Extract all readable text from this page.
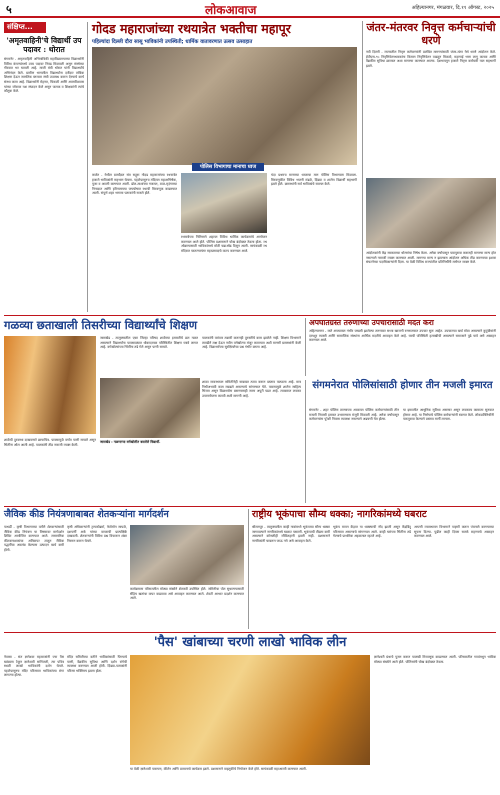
५	लोकआवाज	अहिल्यानगर, मंगळवार, दि.११ ऑगस्ट, २०२५
संक्षिप्त...
'अमृतवाहिनी'चे विद्यार्थी उप पदावर : थोरात
संगमनेर - अमृतवाहिनी अभियांत्रिकी महाविद्यालयाच्या विद्यार्थ्यांनी विविध कंपन्यांमध्ये उच्च पदावर निवड मिळवली असून संस्थेच्या गौरवात भर घातली आहे. माजी मंत्री थोरात यांनी विद्यार्थ्यांचे अभिनंदन केले. ग्रामीण भागातील विद्यार्थ्यांना दर्जेदार तांत्रिक शिक्षण देऊन जागतिक स्तरावर संधी उपलब्ध करून देण्याचे कार्य संस्था करत आहे. विद्यार्थ्यांनी मेहनत, चिकाटी आणि आत्मविश्वास यांच्या जोरावर यश संपादन केले असून पालक व शिक्षकांनी त्यांचे कौतुक केले.
गोदड महाराजांच्या रथयात्रेत भक्तीचा महापूर
पहिल्यांदा दिल्ली दौरा सासू भाविकांनी उपस्थिती; धार्मिक वातावरणात उत्सव उत्साहात
पोलिस विभागाचा मानाचा ध्वज
कर्जत - येथील ग्रामदैवत संत सद्गुरू गोदड महाराजांच्या रथयात्रेत हजारो भाविकांनी सहभाग घेतला. पहाटेपासूनच मंदिरात महाअभिषेक, पूजा व आरती करण्यात आली. ढोल-ताशांच्या गजरात, टाळ-मृदंगाच्या निनादात आणि हरिनामाच्या जयघोषात रथाची मिरवणूक काढण्यात आली. संपूर्ण शहर भगव्या पताकांनी सजले होते.
रथयात्रेच्या निमित्ताने शहरात विविध धार्मिक कार्यक्रमांचे आयोजन करण्यात आले होते. पोलिस प्रशासनाने चोख बंदोबस्त ठेवला होता. रथ ओढण्यासाठी भाविकांमध्ये मोठी चढाओढ दिसून आली. सायंकाळी रथ मंदिरात परतल्यानंतर महाप्रसादाचे वाटप करण्यात आले.
यंदा प्रथमच मानाच्या ध्वजाचा मान पोलिस विभागाला मिळाला. मिरवणुकीत विविध भजनी मंडळे, दिंड्या व शालेय विद्यार्थी सहभागी झाले होते. ग्रामस्थांनी सर्व भाविकांचे स्वागत केले.
जंतर-मंतरवर निवृत्त कर्मचाऱ्यांची धरणे
नवी दिल्ली - राज्यातील निवृत्त कर्मचाऱ्यांनी प्रलंबित मागण्यांसाठी जंतर-मंतर येथे धरणे आंदोलन केले. ईपीएस-९५ निवृत्तिवेतनधारकांना किमान निवृत्तिवेतन वाढवून मिळावे, महागाई भत्ता लागू करावा आणि वैद्यकीय सुविधा द्याव्यात अशा मागण्या करण्यात आल्या. देशभरातून हजारो निवृत्त कर्मचारी यात सहभागी झाले.
आंदोलकांनी केंद्र सरकारच्या धोरणांचा निषेध केला. अनेक वर्षांपासून पाठपुरावा करूनही मागण्या मान्य होत नसल्याने नाराजी व्यक्त करण्यात आली. मागण्या मान्य न झाल्यास आंदोलन अधिक तीव्र करण्याचा इशारा संघटनेच्या पदाधिकाऱ्यांनी दिला. या वेळी विविध राज्यांतील प्रतिनिधींनी मनोगत व्यक्त केले.
गळव्या छताखाली तिसरीच्या विद्यार्थ्यांचे शिक्षण
जामखेड - तालुक्यातील एका जिल्हा परिषद शाळेच्या इमारतीचे छत गळत असल्याने विद्यार्थ्यांना पावसाळ्यात धोकादायक परिस्थितीत शिक्षण घ्यावे लागत आहे. वर्गखोल्यांच्या भिंतींना तडे गेले असून पाणी साचते.
पालकांनी वारंवार तक्रारी करूनही दुरुस्तीचे काम झालेले नाही. शिक्षण विभागाने तातडीने लक्ष देऊन नवीन वर्गखोल्या मंजूर कराव्यात अशी मागणी ग्रामस्थांनी केली आहे. विद्यार्थ्यांच्या सुरक्षिततेचा प्रश्न गंभीर बनला आहे.
जामखेड : गळणाऱ्या वर्गखोलीत बसलेले विद्यार्थी.
शाळा व्यवस्थापन समितीनेही याबाबत ठराव करून प्रस्ताव पाठवला आहे. मात्र निधीअभावी काम रखडले असल्याचे सांगण्यात येते. पावसामुळे शालेय साहित्य भिजत असून विद्यार्थ्यांना बसण्यासही जागा अपुरी पडत आहे. लवकरात लवकर उपाययोजना करावी अशी मागणी आहे.
शाळेची दुरवस्था दाखवणारे छायाचित्र. पावसामुळे वर्गात पाणी साचले असून भिंतींना ओल आली आहे. पालकांनी तीव्र नाराजी व्यक्त केली.
अपघातग्रस्त तरुणाच्या उपचारासाठी मदत करा
अहिल्यानगर - रस्ते अपघातात गंभीर जखमी झालेल्या तरुणावर सध्या खाजगी रुग्णालयात उपचार सुरू आहेत. उपचाराचा खर्च मोठा असल्याने कुटुंबीयांनी दानशूर व्यक्ती आणि सामाजिक संस्थांना आर्थिक मदतीचे आवाहन केले आहे. घरची परिस्थिती हलाखीची असल्याने समाजाने पुढे यावे असे आवाहन करण्यात आले.
संगमनेरात पोलिसांसाठी होणार तीन मजली इमारत
संगमनेर - शहर पोलिस ठाण्याच्या आवारात पोलिस कर्मचाऱ्यांसाठी तीन मजली निवासी इमारत उभारण्यास मंजुरी मिळाली आहे. अनेक वर्षांपासून कर्मचाऱ्यांना पुरेशी निवास व्यवस्था नसल्याने अडचणी येत होत्या.
या इमारतीत आधुनिक सुविधा असणार असून लवकरच कामाला सुरुवात होणार आहे. या निर्णयाचे पोलिस कर्मचाऱ्यांनी स्वागत केले. लोकप्रतिनिधींनी पाठपुरावा केल्याने प्रस्ताव मार्गी लागला.
जैविक कीड नियंत्रणाबाबत शेतकऱ्यांना मार्गदर्शन
पाथर्डी - कृषी विभागाच्या वतीने शेतकऱ्यांसाठी जैविक कीड नियंत्रण या विषयावर मार्गदर्शन शिबिर आयोजित करण्यात आले. रासायनिक कीटकनाशकांचा अतिवापर टाळून जैविक पद्धतींचा अवलंब केल्यास उत्पादन खर्च कमी होतो.
कृषी अधिकाऱ्यांनी ट्रायकोडर्मा, फेरोमोन सापळे, दशपर्णी अर्क यांच्या वापराची प्रात्यक्षिके दाखवली. शेतकऱ्यांनी विविध प्रश्न विचारून शंका निरसन करून घेतले.
कार्यक्रमास परिसरातील मोठ्या संख्येने शेतकरी उपस्थित होते. जमिनीचा पोत सुधारण्यासाठी सेंद्रिय खतांचा वापर वाढवावा असे आवाहन करण्यात आले. शेवटी आभार प्रदर्शन करण्यात आले.
राष्ट्रीय भूकंपाचा सौम्य धक्का; नागरिकांमध्ये घबराट
श्रीरामपूर - तालुक्यातील काही गावांमध्ये भूकंपाचा सौम्य धक्का जाणवल्याने नागरिकांमध्ये घबराट पसरली. भूकंपाची तीव्रता कमी असल्याने कोणतीही जीवितहानी झाली नाही. प्रशासनाने नागरिकांनी घाबरून जाऊ नये असे आवाहन केले.
भूकंप मापन केंद्रात या धक्क्याची नोंद झाली असून केंद्रबिंदू परिसरात असल्याचे सांगण्यात आले. काही घरांच्या भिंतींना तडे गेल्याचे प्राथमिक अहवालात म्हटले आहे.
आपत्ती व्यवस्थापन विभागाने पाहणी करून पंचनामे करण्याच्या सूचना दिल्या. पुढील काही दिवस सतर्क राहण्याचे आवाहन करण्यात आले.
'पैस' खांबाच्या चरणी लाखो भाविक लीन
नेवासा - संत ज्ञानेश्वर महाराजांनी ज्या पैस खांबाला टेकून ज्ञानेश्वरी सांगितली, त्या पवित्र स्थळी लाखो भाविकांनी दर्शन घेतले. पहाटेपासूनच मंदिर परिसरात भाविकांच्या रांगा लागल्या होत्या.
मंदिर समितीच्या वतीने भाविकांसाठी पिण्याचे पाणी, वैद्यकीय सुविधा आणि दर्शन रांगेची व्यवस्था करण्यात आली होती. दिंड्या-पताकांनी परिसर भक्तिमय झाला होता.
या वेळी ज्ञानेश्वरी पारायण, कीर्तन आणि प्रवचनाचे कार्यक्रम झाले. प्रशासनाने वाहतुकीचे नियोजन केले होते. सायंकाळी महाआरती करण्यात आली.
ज्ञानेश्वरी ग्रंथाचे पूजन करून पालखी मिरवणूक काढण्यात आली. परिसरातील गावांमधून भाविक मोठ्या संख्येने आले होते. पोलिसांनी चोख बंदोबस्त ठेवला.
